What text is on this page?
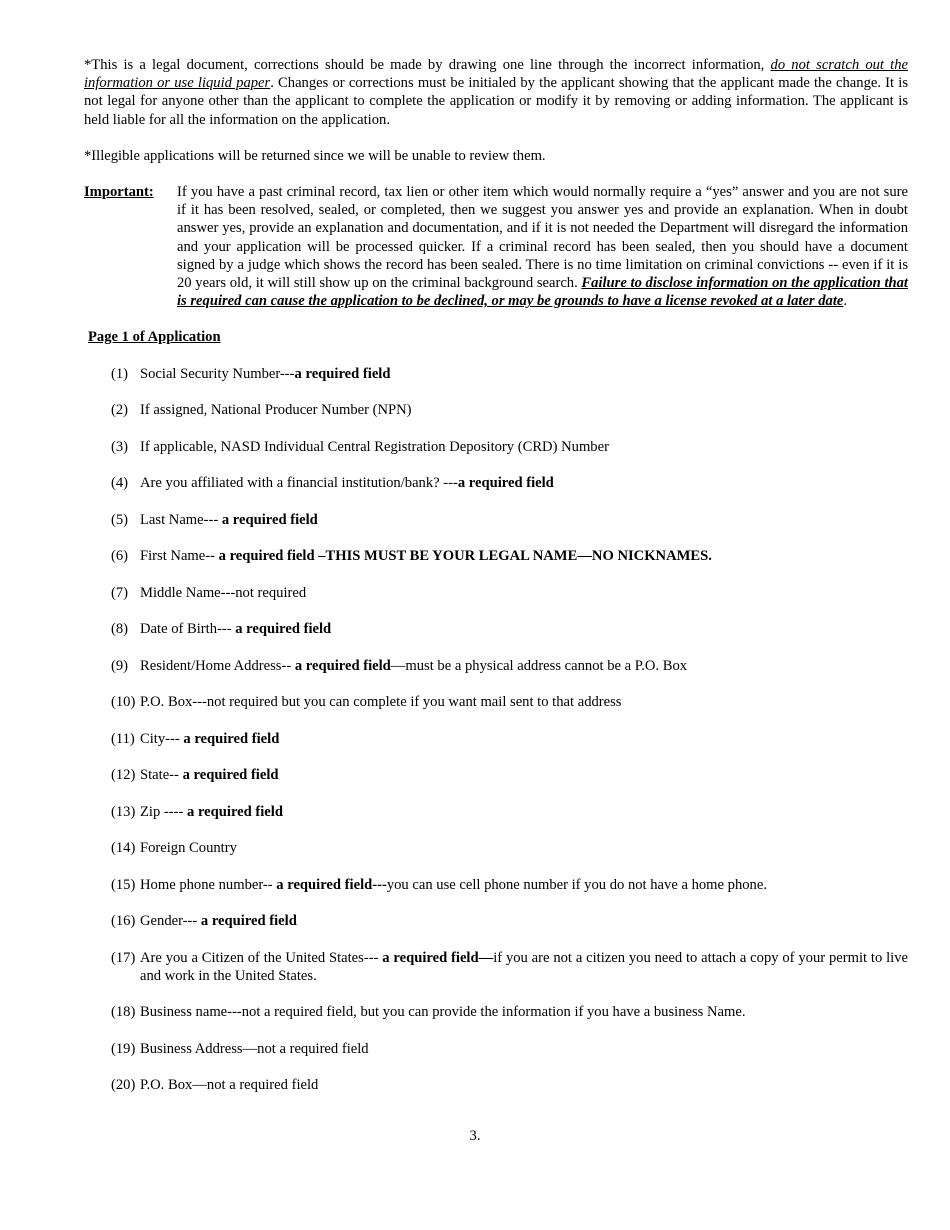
*This is a legal document, corrections should be made by drawing one line through the incorrect information, do not scratch out the information or use liquid paper. Changes or corrections must be initialed by the applicant showing that the applicant made the change. It is not legal for anyone other than the applicant to complete the application or modify it by removing or adding information. The applicant is held liable for all the information on the application.

*Illegible applications will be returned since we will be unable to review them.

Important:	If you have a past criminal record, tax lien or other item which would normally require a “yes” answer and you are not sure if it has been resolved, sealed, or completed, then we suggest you answer yes and provide an explanation. When in doubt answer yes, provide an explanation and documentation, and if it is not needed the Department will disregard the information and your application will be processed quicker. If a criminal record has been sealed, then you should have a document signed by a judge which shows the record has been sealed. There is no time limitation on criminal convictions -- even if it is 20 years old, it will still show up on the criminal background search. Failure to disclose information on the application that is required can cause the application to be declined, or may be grounds to have a license revoked at a later date.
Page 1 of Application
(1) Social Security Number---a required field
(2) If assigned, National Producer Number (NPN)
(3) If applicable, NASD Individual Central Registration Depository (CRD) Number
(4) Are you affiliated with a financial institution/bank? ---a required field
(5) Last Name--- a required field
(6) First Name-- a required field –THIS MUST BE YOUR LEGAL NAME—NO NICKNAMES.
(7) Middle Name---not required
(8) Date of Birth--- a required field
(9) Resident/Home Address-- a required field—must be a physical address cannot be a P.O. Box
(10) P.O. Box---not required but you can complete if you want mail sent to that address
(11) City--- a required field
(12) State-- a required field
(13) Zip ---- a required field
(14) Foreign Country
(15) Home phone number-- a required field---you can use cell phone number if you do not have a home phone.
(16) Gender--- a required field
(17) Are you a Citizen of the United States--- a required field—if you are not a citizen you need to attach a copy of your permit to live and work in the United States.
(18) Business name---not a required field, but you can provide the information if you have a business Name.
(19) Business Address—not a required field
(20) P.O. Box—not a required field
3.
